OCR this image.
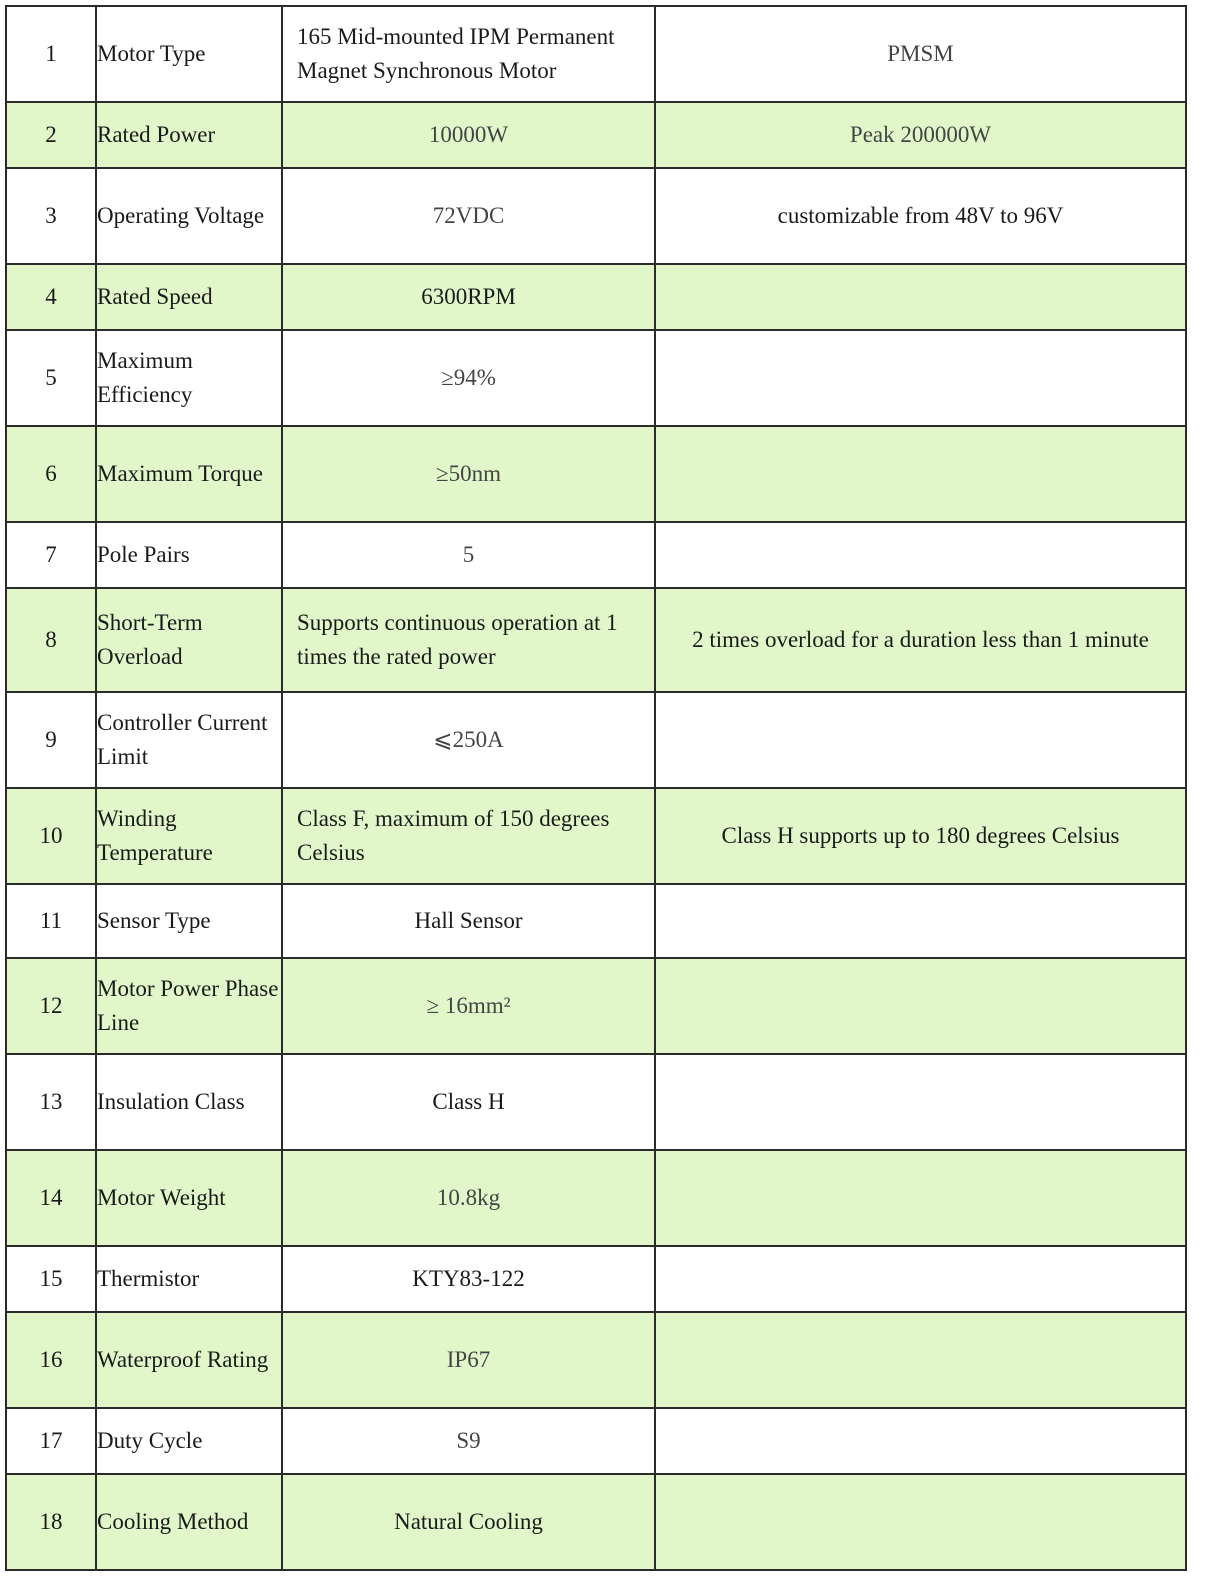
1	Motor Type	165 Mid-mounted IPM Permanent Magnet Synchronous Motor	PMSM
2	Rated Power	10000W	Peak 200000W
3	Operating Voltage	72VDC	customizable from 48V to 96V
4	Rated Speed	6300RPM	
5	Maximum Efficiency	≥94%	
6	Maximum Torque	≥50nm	
7	Pole Pairs	5	
8	Short-Term Overload	Supports continuous operation at 1 times the rated power	2 times overload for a duration less than 1 minute
9	Controller Current Limit	⩽250A	
10	Winding Temperature	Class F, maximum of 150 degrees Celsius	Class H supports up to 180 degrees Celsius
11	Sensor Type	Hall Sensor	
12	Motor Power Phase Line	≥ 16mm²	
13	Insulation Class	Class H	
14	Motor Weight	10.8kg	
15	Thermistor	KTY83-122	
16	Waterproof Rating	IP67	
17	Duty Cycle	S9	
18	Cooling Method	Natural Cooling	
